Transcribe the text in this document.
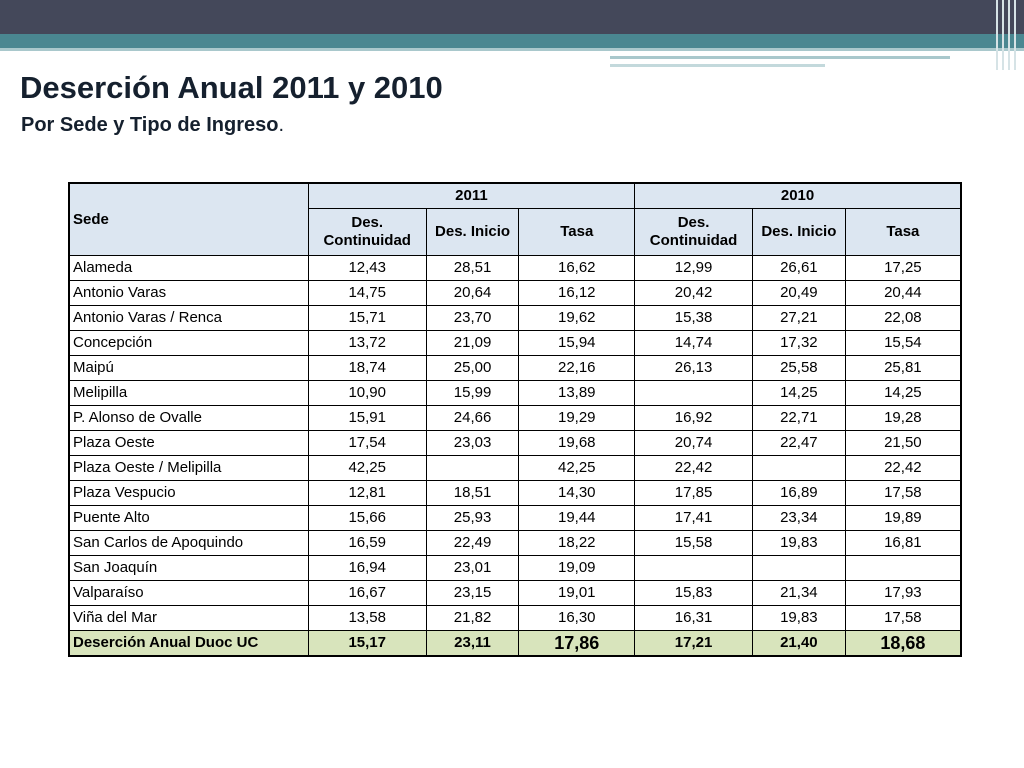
Deserción Anual 2011 y 2010
Por Sede y Tipo de Ingreso.
Sede	2011			2010		
	Des. Continuidad	Des. Inicio	Tasa	Des. Continuidad	Des. Inicio	Tasa
Alameda	12,43	28,51	16,62	12,99	26,61	17,25
Antonio Varas	14,75	20,64	16,12	20,42	20,49	20,44
Antonio Varas / Renca	15,71	23,70	19,62	15,38	27,21	22,08
Concepción	13,72	21,09	15,94	14,74	17,32	15,54
Maipú	18,74	25,00	22,16	26,13	25,58	25,81
Melipilla	10,90	15,99	13,89		14,25	14,25
P. Alonso de Ovalle	15,91	24,66	19,29	16,92	22,71	19,28
Plaza Oeste	17,54	23,03	19,68	20,74	22,47	21,50
Plaza Oeste / Melipilla	42,25		42,25	22,42		22,42
Plaza Vespucio	12,81	18,51	14,30	17,85	16,89	17,58
Puente Alto	15,66	25,93	19,44	17,41	23,34	19,89
San Carlos de Apoquindo	16,59	22,49	18,22	15,58	19,83	16,81
San Joaquín	16,94	23,01	19,09			
Valparaíso	16,67	23,15	19,01	15,83	21,34	17,93
Viña del Mar	13,58	21,82	16,30	16,31	19,83	17,58
Deserción Anual Duoc UC	15,17	23,11	17,86	17,21	21,40	18,68
